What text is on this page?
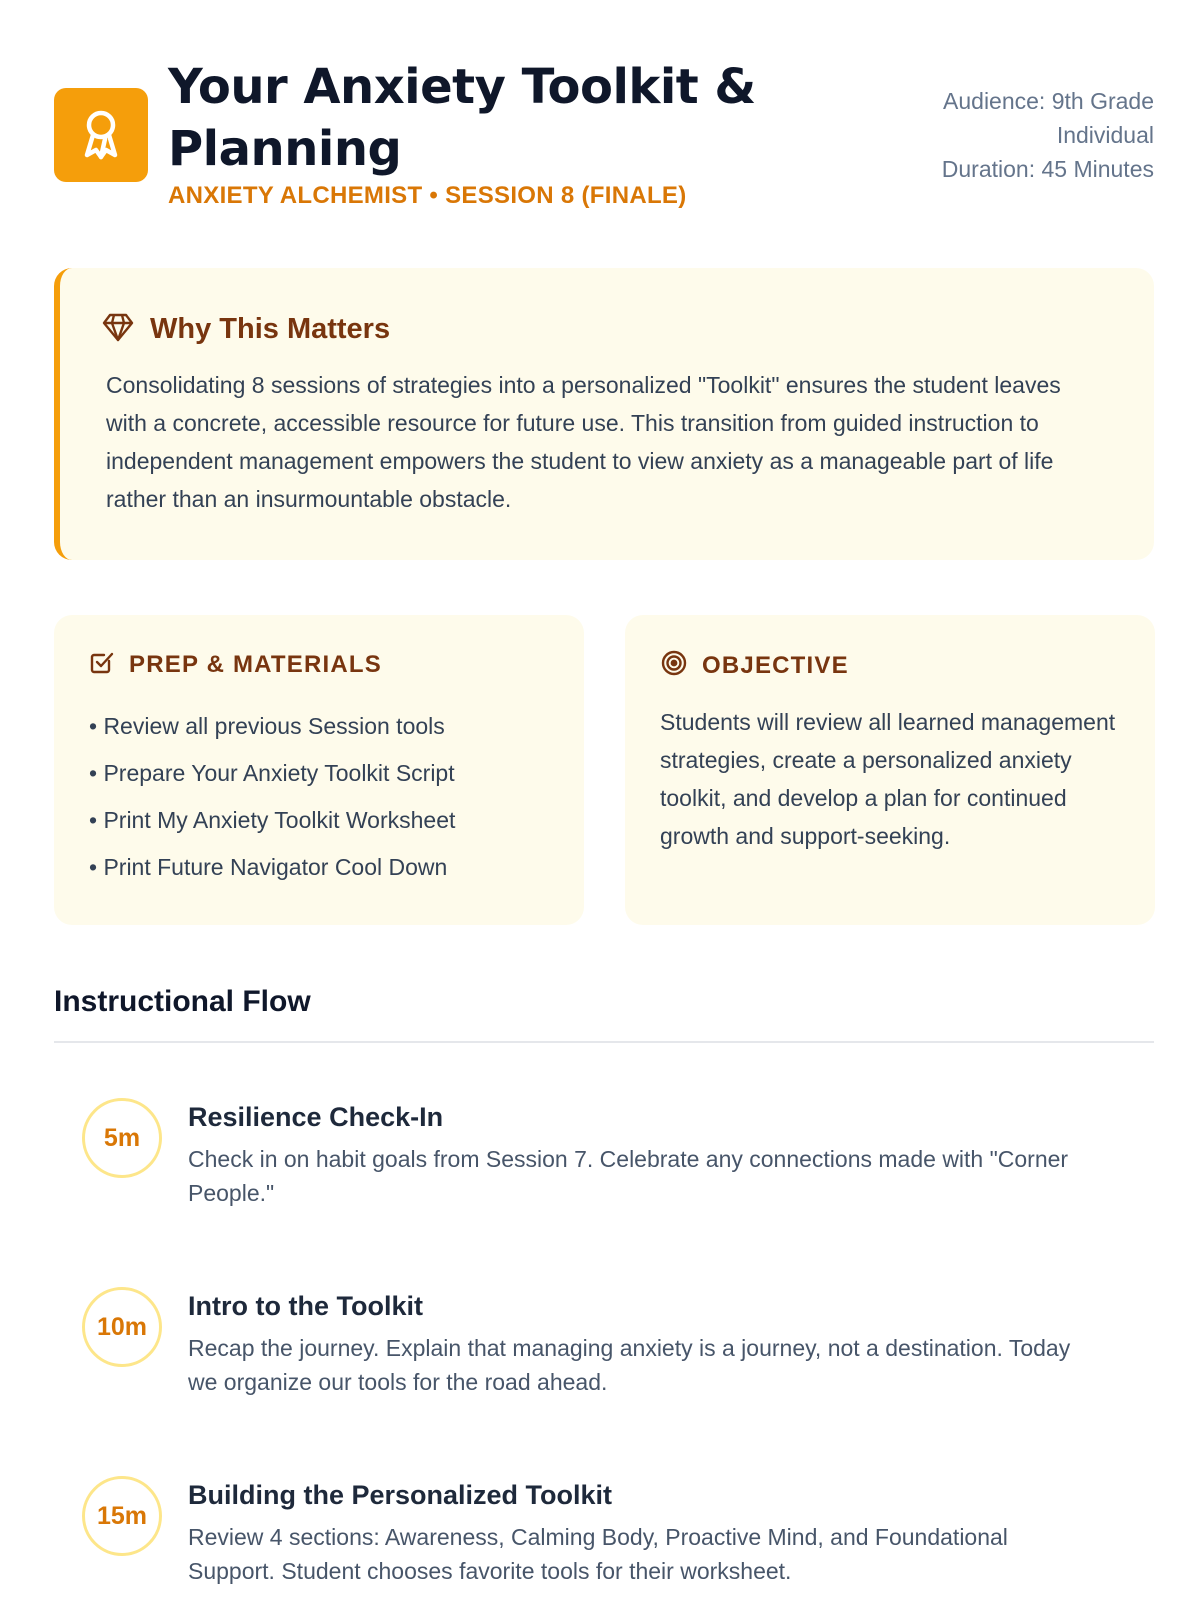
Your Anxiety Toolkit & Planning
ANXIETY ALCHEMIST • SESSION 8 (FINALE)
Audience: 9th Grade
Individual
Duration: 45 Minutes
Why This Matters

Consolidating 8 sessions of strategies into a personalized "Toolkit" ensures the student leaves with a concrete, accessible resource for future use. This transition from guided instruction to independent management empowers the student to view anxiety as a manageable part of life rather than an insurmountable obstacle.

PREP & MATERIALS
• Review all previous Session tools
• Prepare Your Anxiety Toolkit Script
• Print My Anxiety Toolkit Worksheet
• Print Future Navigator Cool Down
OBJECTIVE

Students will review all learned management strategies, create a personalized anxiety toolkit, and develop a plan for continued growth and support-seeking.

Instructional Flow
5m
Resilience Check-In

Check in on habit goals from Session 7. Celebrate any connections made with "Corner People."

10m
Intro to the Toolkit

Recap the journey. Explain that managing anxiety is a journey, not a destination. Today we organize our tools for the road ahead.

15m
Building the Personalized Toolkit

Review 4 sections: Awareness, Calming Body, Proactive Mind, and Foundational Support. Student chooses favorite tools for their worksheet.
